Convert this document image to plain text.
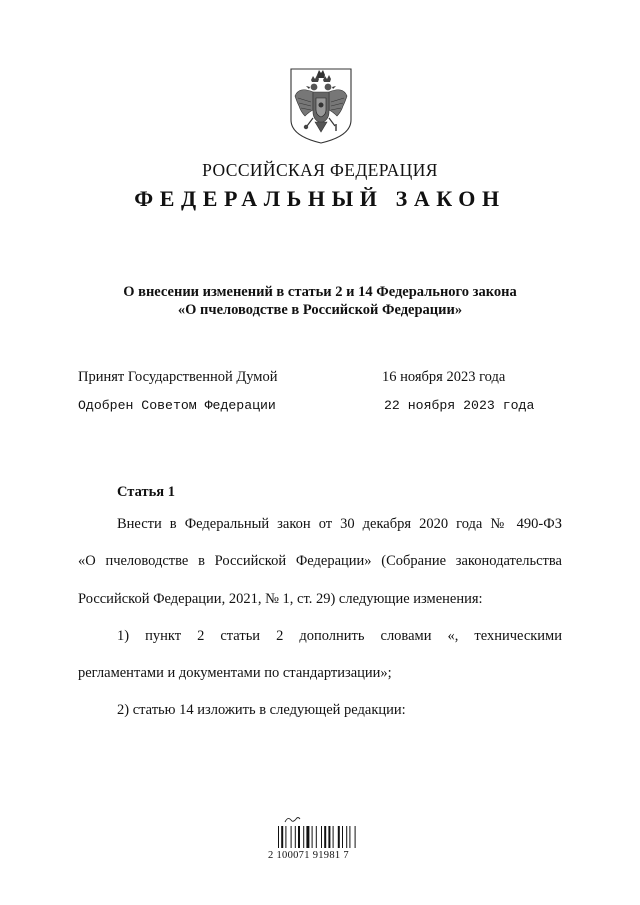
РОССИЙСКАЯ ФЕДЕРАЦИЯ
ФЕДЕРАЛЬНЫЙ ЗАКОН
О внесении изменений в статьи 2 и 14 Федерального закона
«О пчеловодстве в Российской Федерации»
Принят Государственной Думой	16 ноября 2023 года
Одобрен Советом Федерации	22 ноября 2023 года
Статья 1
Внести в Федеральный закон от 30 декабря 2020 года № 490-ФЗ
«О пчеловодстве в Российской Федерации» (Собрание законодательства
Российской Федерации, 2021, № 1, ст. 29) следующие изменения:
1) пункт 2 статьи 2 дополнить словами «, техническими
регламентами и документами по стандартизации»;
2) статью 14 изложить в следующей редакции:
2 100071 91981 7
